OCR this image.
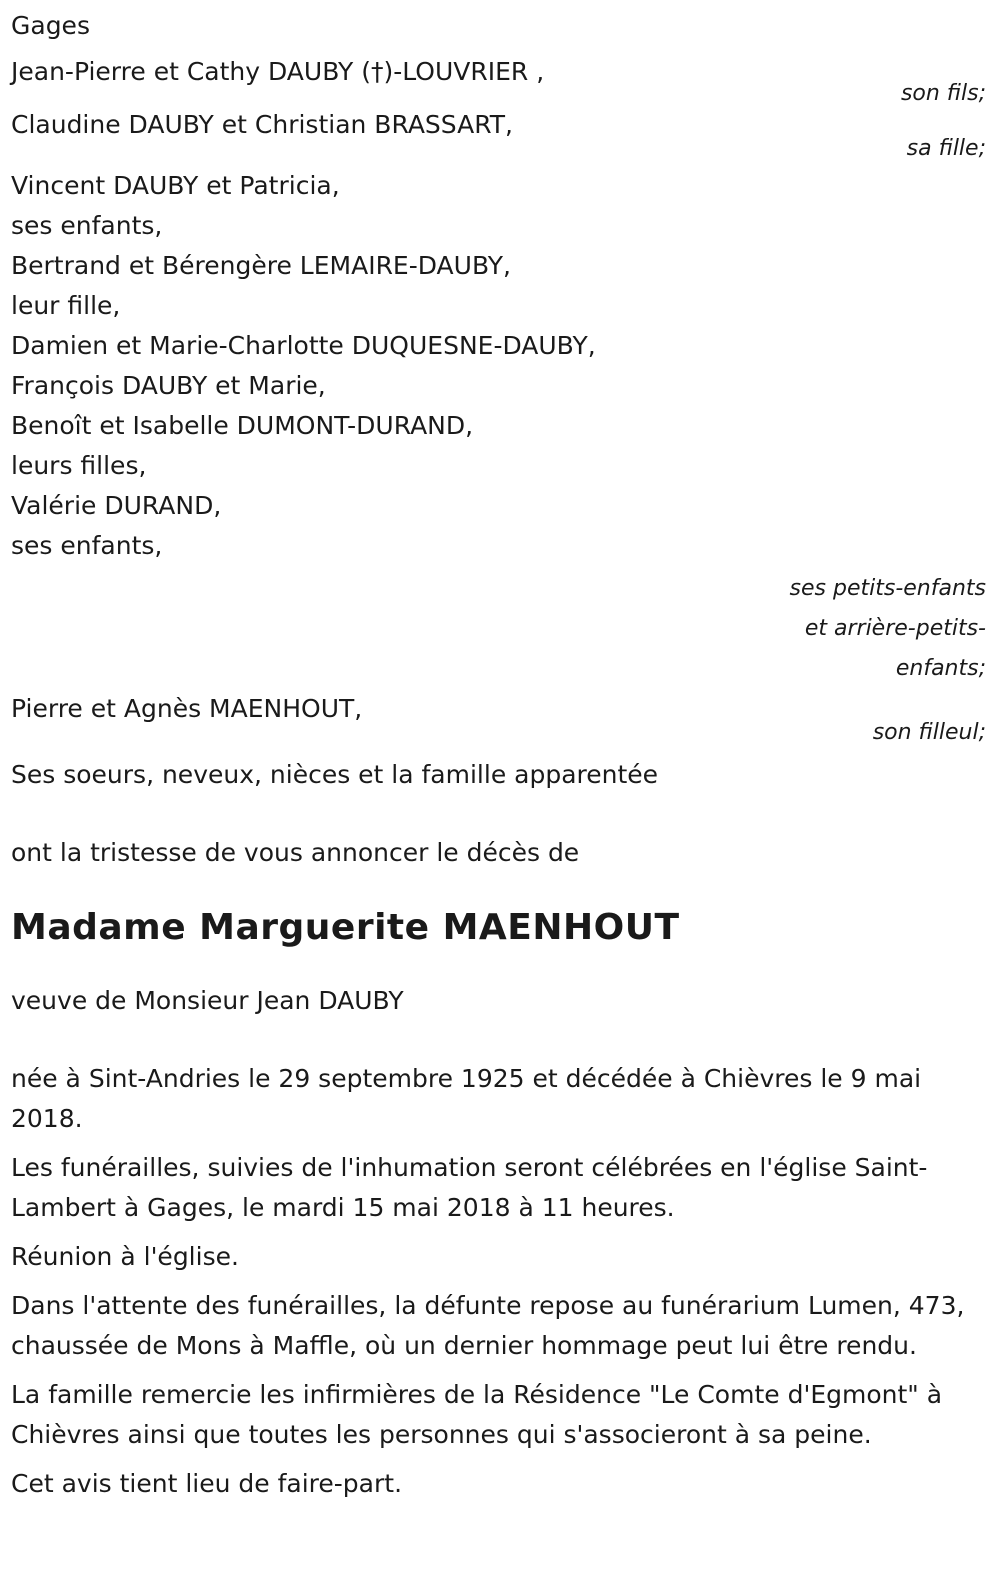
Gages
Jean-Pierre et Cathy DAUBY (†)-LOUVRIER ,
son fils;
Claudine DAUBY et Christian BRASSART,
sa fille;
Vincent DAUBY et Patricia,
ses enfants,
Bertrand et Bérengère LEMAIRE-DAUBY,
leur fille,
Damien et Marie-Charlotte DUQUESNE-DAUBY,
François DAUBY et Marie,
Benoît et Isabelle DUMONT-DURAND,
leurs filles,
Valérie DURAND,
ses enfants,
ses petits-enfants
et arrière-petits-
enfants;
Pierre et Agnès MAENHOUT,
son filleul;
Ses soeurs, neveux, nièces et la famille apparentée
ont la tristesse de vous annoncer le décès de
Madame Marguerite MAENHOUT
veuve de Monsieur Jean DAUBY
née à Sint-Andries le 29 septembre 1925 et décédée à Chièvres le 9 mai 2018.
Les funérailles, suivies de l'inhumation seront célébrées en l'église Saint-Lambert à Gages, le mardi 15 mai 2018 à 11 heures.
Réunion à l'église.
Dans l'attente des funérailles, la défunte repose au funérarium Lumen, 473, chaussée de Mons à Maffle, où un dernier hommage peut lui être rendu.
La famille remercie les infirmières de la Résidence "Le Comte d'Egmont" à Chièvres ainsi que toutes les personnes qui s'associeront à sa peine.
Cet avis tient lieu de faire-part.
